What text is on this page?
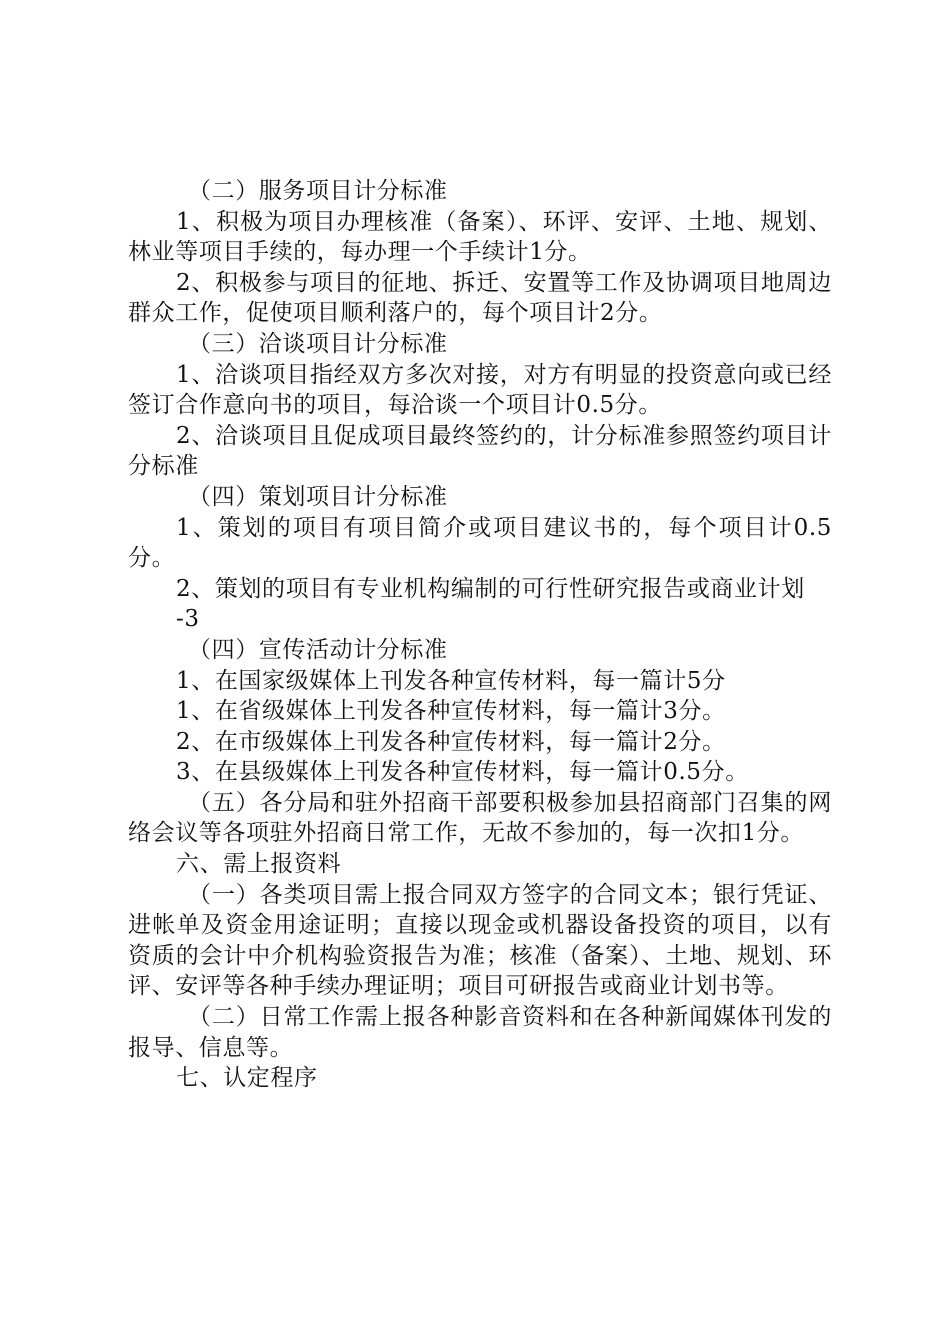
（二）服务项目计分标准

1、积极为项目办理核准（备案）、环评、安评、土地、规划、林业等项目手续的，每办理一个手续计1分。

2、积极参与项目的征地、拆迁、安置等工作及协调项目地周边群众工作，促使项目顺利落户的，每个项目计2分。

（三）洽谈项目计分标准

1、洽谈项目指经双方多次对接，对方有明显的投资意向或已经签订合作意向书的项目，每洽谈一个项目计0.5分。

2、洽谈项目且促成项目最终签约的，计分标准参照签约项目计分标准

（四）策划项目计分标准

1、策划的项目有项目简介或项目建议书的，每个项目计0.5分。

2、策划的项目有专业机构编制的可行性研究报告或商业计划

-3

（四）宣传活动计分标准

1、在国家级媒体上刊发各种宣传材料，每一篇计5分

1、在省级媒体上刊发各种宣传材料，每一篇计3分。

2、在市级媒体上刊发各种宣传材料，每一篇计2分。

3、在县级媒体上刊发各种宣传材料，每一篇计0.5分。

（五）各分局和驻外招商干部要积极参加县招商部门召集的网络会议等各项驻外招商日常工作，无故不参加的，每一次扣1分。

六、需上报资料

（一）各类项目需上报合同双方签字的合同文本；银行凭证、进帐单及资金用途证明；直接以现金或机器设备投资的项目，以有资质的会计中介机构验资报告为准；核准（备案）、土地、规划、环评、安评等各种手续办理证明；项目可研报告或商业计划书等。

（二）日常工作需上报各种影音资料和在各种新闻媒体刊发的报导、信息等。

七、认定程序
